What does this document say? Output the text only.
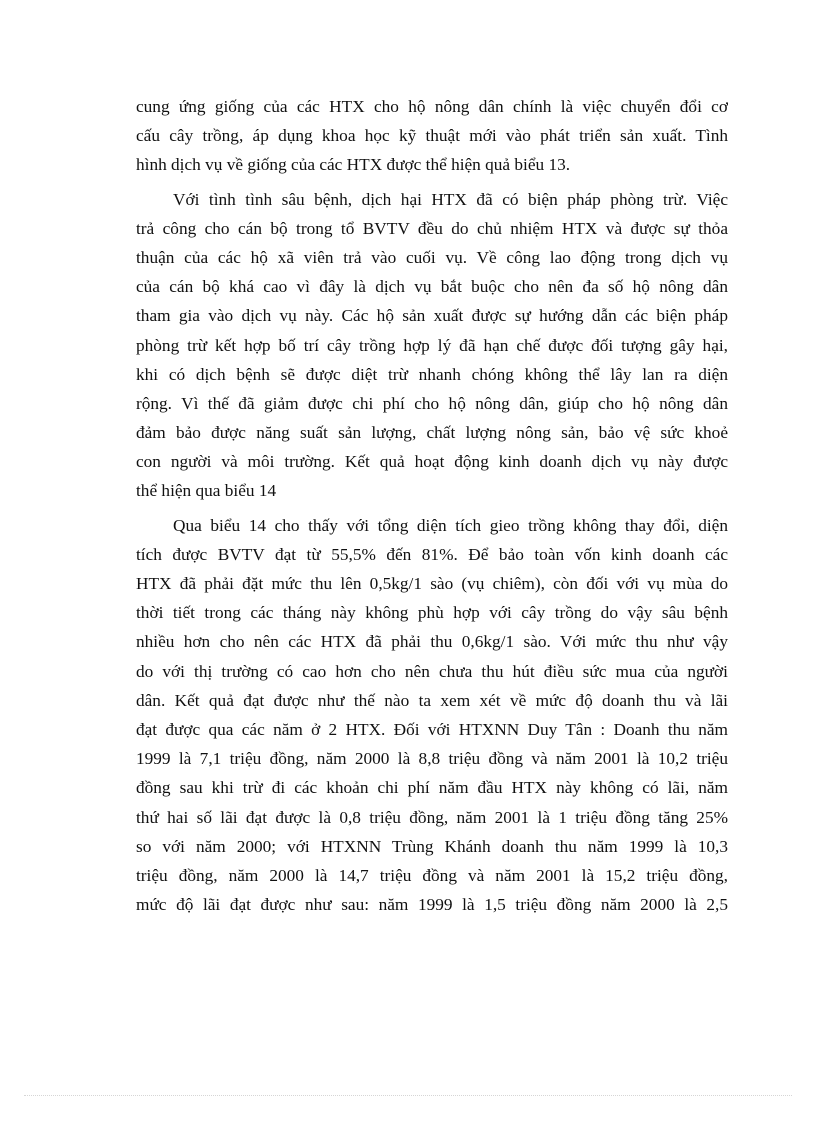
cung ứng giống của các HTX cho hộ nông dân chính là việc chuyển đổi cơ
cấu cây trồng, áp dụng khoa học kỹ thuật mới vào phát triển sản xuất. Tình
hình dịch vụ về giống của các HTX được thể hiện quả biểu 13.
Với tình tình sâu bệnh, dịch hại HTX đã có biện pháp phòng trừ. Việc
trả công cho cán bộ trong tổ BVTV đều do chủ nhiệm HTX và được sự thỏa
thuận của các hộ xã viên trả vào cuối vụ. Về công lao động trong dịch vụ
của cán bộ khá cao vì đây là dịch vụ bắt buộc cho nên đa số hộ nông dân
tham gia vào dịch vụ này. Các hộ sản xuất được sự hướng dẫn các biện pháp
phòng trừ kết hợp bố trí cây trồng hợp lý đã hạn chế được đối tượng gây hại,
khi có dịch bệnh sẽ được diệt trừ nhanh chóng không thể lây lan ra diện
rộng. Vì thế đã giảm được chi phí cho hộ nông dân, giúp cho hộ nông dân
đảm bảo được năng suất sản lượng, chất lượng nông sản, bảo vệ sức khoẻ
con người và môi trường. Kết quả hoạt động kinh doanh dịch vụ này được
thể hiện qua biểu 14
Qua biểu 14 cho thấy với tổng diện tích gieo trồng không thay đổi, diện
tích được BVTV đạt từ 55,5% đến 81%. Để bảo toàn vốn kinh doanh các
HTX đã phải đặt mức thu lên 0,5kg/1 sào (vụ chiêm), còn đối với vụ mùa do
thời tiết trong các tháng này không phù hợp với cây trồng do vậy sâu bệnh
nhiều hơn cho nên các HTX đã phải thu 0,6kg/1 sào. Với mức thu như vậy
do với thị trường có cao hơn cho nên chưa thu hút điều sức mua của người
dân. Kết quả đạt được như thế nào ta xem xét về mức độ doanh thu và lãi
đạt được qua các năm ở 2 HTX. Đối với HTXNN Duy Tân : Doanh thu năm
1999 là 7,1 triệu đồng, năm 2000 là 8,8 triệu đồng và năm 2001 là 10,2 triệu
đồng sau khi trừ đi các khoản chi phí năm đầu HTX này không có lãi, năm
thứ hai số lãi đạt được là 0,8 triệu đồng, năm 2001 là 1 triệu đồng tăng 25%
so với năm 2000; với HTXNN Trùng Khánh doanh thu năm 1999 là 10,3
triệu đồng, năm 2000 là 14,7 triệu đồng và năm 2001 là 15,2 triệu đồng,
mức độ lãi đạt được như sau: năm 1999 là 1,5 triệu đồng năm 2000 là 2,5
